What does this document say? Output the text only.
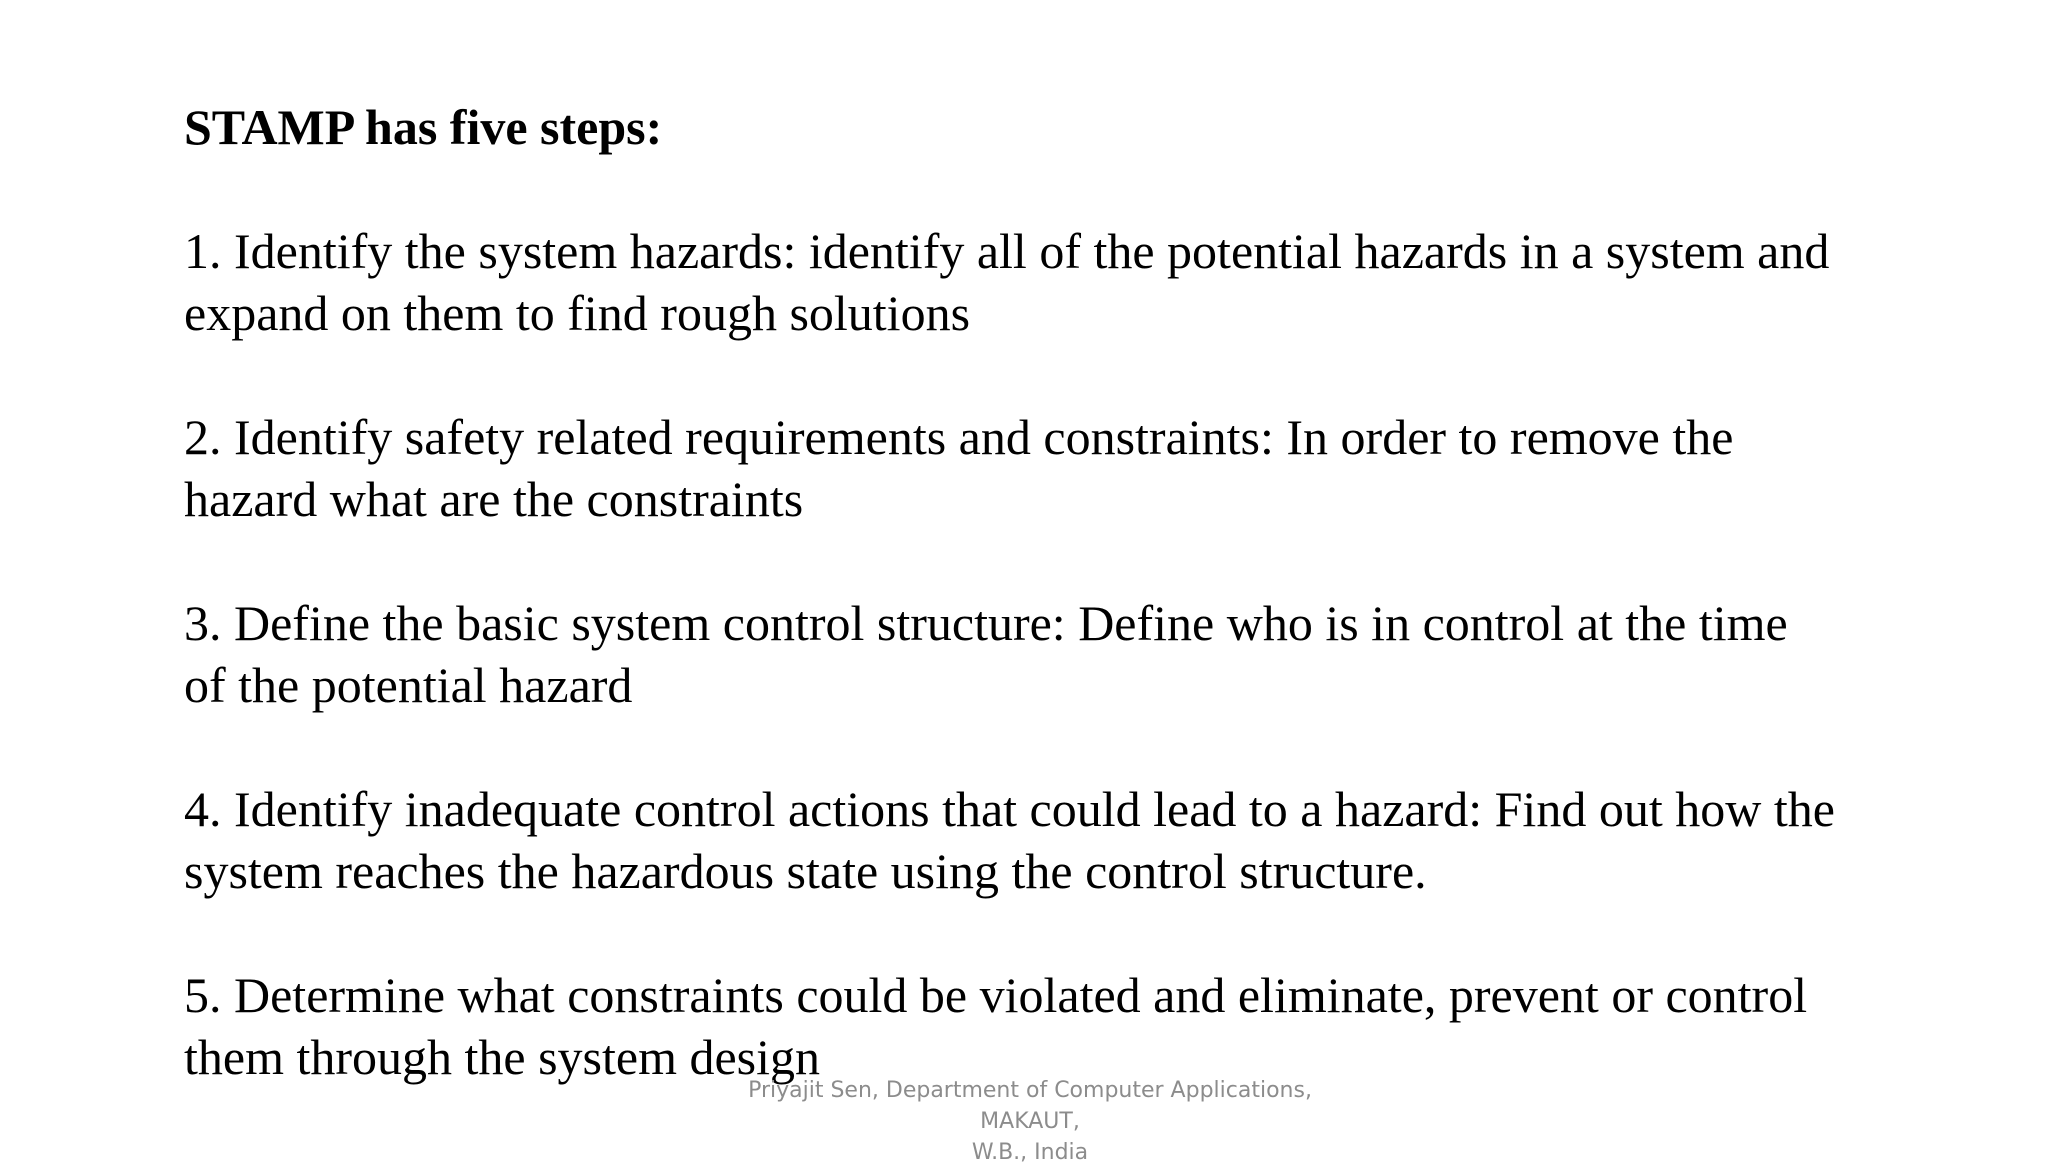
STAMP has five steps:

1. Identify the system hazards: identify all of the potential hazards in a system and
expand on them to find rough solutions

2. Identify safety related requirements and constraints: In order to remove the
hazard what are the constraints

3. Define the basic system control structure: Define who is in control at the time
of the potential hazard

4. Identify inadequate control actions that could lead to a hazard: Find out how the
system reaches the hazardous state using the control structure.

5. Determine what constraints could be violated and eliminate, prevent or control
them through the system design

Priyajit Sen, Department of Computer Applications, MAKAUT,
W.B., India
